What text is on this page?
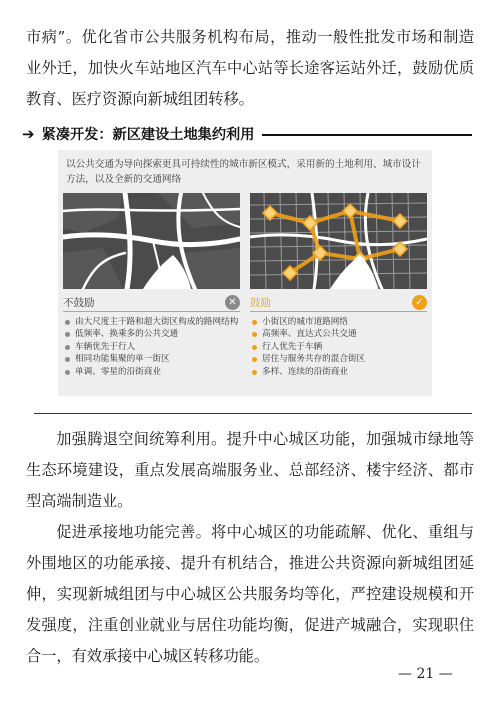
市病”。优化省市公共服务机构布局，推动一般性批发市场和制造业外迁，加快火车站地区汽车中心站等长途客运站外迁，鼓励优质教育、医疗资源向新城组团转移。

➔ 紧凑开发：新区建设土地集约利用
以公共交通为导向探索更具可持续性的城市新区模式，采用新的土地利用、城市设计方法，以及全新的交通网络
不鼓励	✕
由大尺度主干路和超大街区构成的路网结构
低频率、换乘多的公共交通
车辆优先于行人
相同功能集聚的单一街区
单调、零星的沿街商业
鼓励	✓
小街区的城市道路网络
高频率、直达式公共交通
行人优先于车辆
居住与服务共存的混合街区
多样、连续的沿街商业

加强腾退空间统筹利用。提升中心城区功能，加强城市绿地等生态环境建设，重点发展高端服务业、总部经济、楼宇经济、都市型高端制造业。

促进承接地功能完善。将中心城区的功能疏解、优化、重组与外围地区的功能承接、提升有机结合，推进公共资源向新城组团延伸，实现新城组团与中心城区公共服务均等化，严控建设规模和开发强度，注重创业就业与居住功能均衡，促进产城融合，实现职住合一，有效承接中心城区转移功能。

— 21 —
